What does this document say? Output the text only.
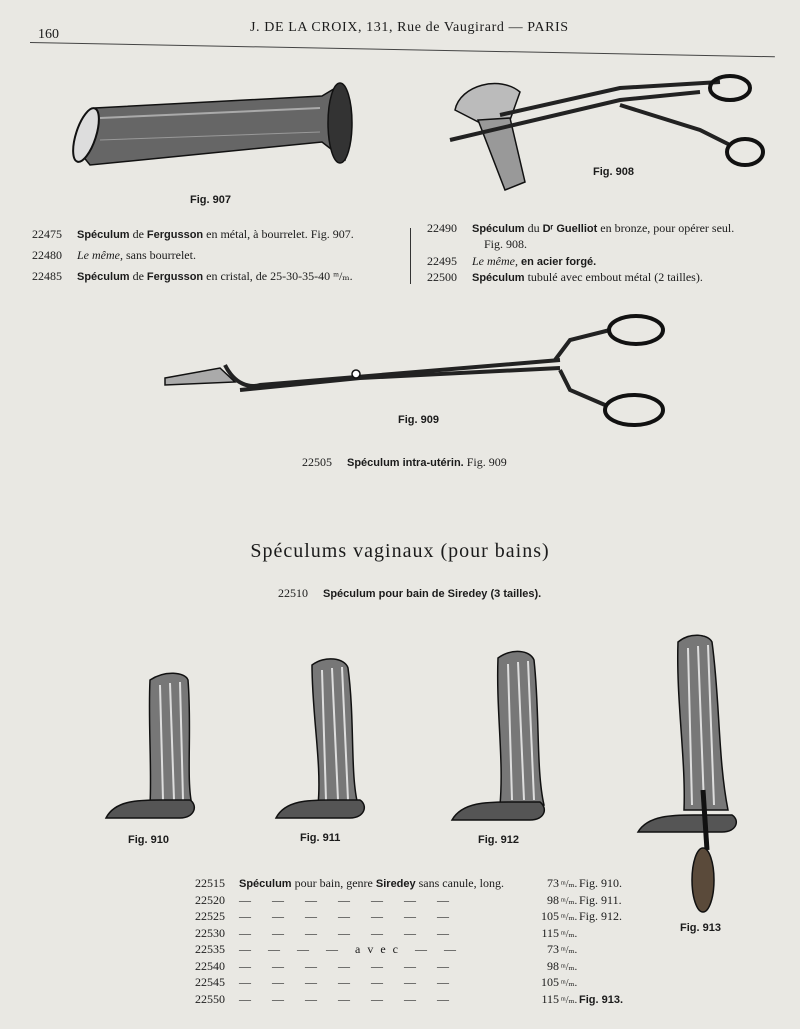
160	J. DE LA CROIX, 131, Rue de Vaugirard — PARIS
Fig. 907
Fig. 908
Fig. 909
Fig. 910	Fig. 911	Fig. 912
Fig. 913
22475 Spéculum de Fergusson en métal, à bourrelet. Fig. 907.
22480 Le même, sans bourrelet.
22485 Spéculum de Fergusson en cristal, de 25-30-35-40 ᵐ/ₘ.
22490 Spéculum du Dʳ Guelliot en bronze, pour opérer seul.
Fig. 908.
22495 Le même, en acier forgé.
22500 Spéculum tubulé avec embout métal (2 tailles).
22505 Spéculum intra-utérin. Fig. 909
Spéculums vaginaux (pour bains)
22510 Spéculum pour bain de Siredey (3 tailles).
22515 Spéculum pour bain, genre Siredey sans canule, long.	73 ᵐ/ₘ. Fig. 910.
22520 — — — — — — —	98 ᵐ/ₘ. Fig. 911.
22525 — — — — — — —	105 ᵐ/ₘ. Fig. 912.
22530 — — — — — — —	115 ᵐ/ₘ.
22535 — — — — avec — —	73 ᵐ/ₘ.
22540 — — — — — — —	98 ᵐ/ₘ.
22545 — — — — — — —	105 ᵐ/ₘ.
22550 — — — — — — —	115 ᵐ/ₘ. Fig. 913.
